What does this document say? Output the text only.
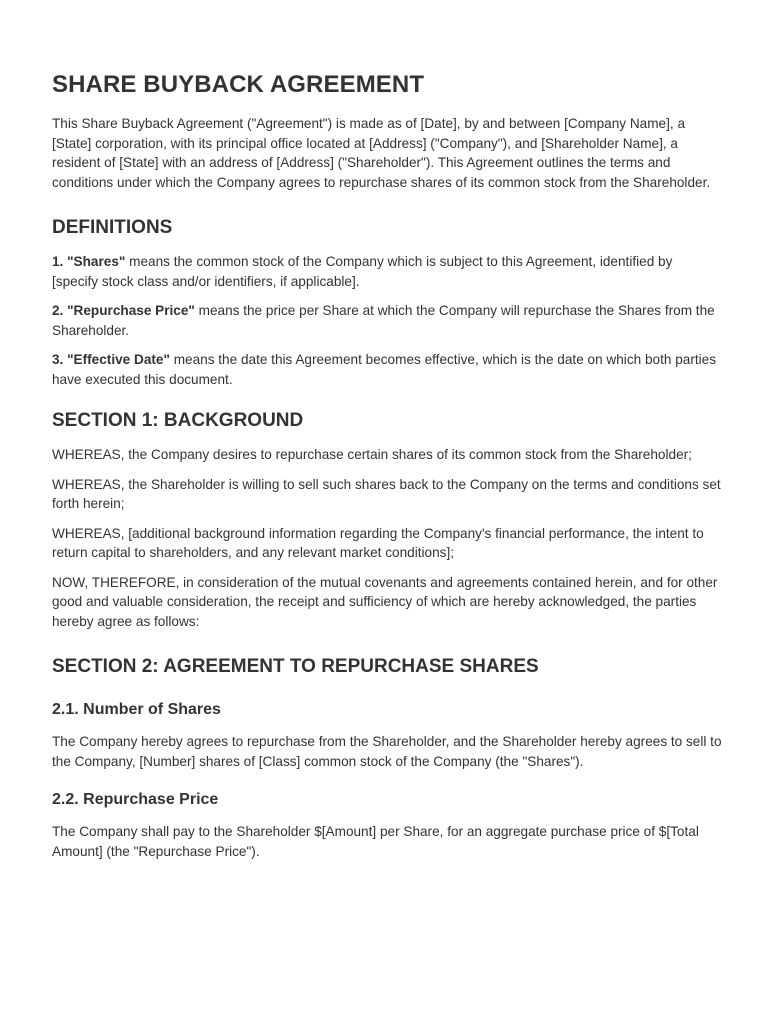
SHARE BUYBACK AGREEMENT

This Share Buyback Agreement ("Agreement") is made as of [Date], by and between [Company Name], a [State] corporation, with its principal office located at [Address] ("Company"), and [Shareholder Name], a resident of [State] with an address of [Address] ("Shareholder"). This Agreement outlines the terms and conditions under which the Company agrees to repurchase shares of its common stock from the Shareholder.

DEFINITIONS

1. "Shares" means the common stock of the Company which is subject to this Agreement, identified by [specify stock class and/or identifiers, if applicable].

2. "Repurchase Price" means the price per Share at which the Company will repurchase the Shares from the Shareholder.

3. "Effective Date" means the date this Agreement becomes effective, which is the date on which both parties have executed this document.

SECTION 1: BACKGROUND

WHEREAS, the Company desires to repurchase certain shares of its common stock from the Shareholder;

WHEREAS, the Shareholder is willing to sell such shares back to the Company on the terms and conditions set forth herein;

WHEREAS, [additional background information regarding the Company's financial performance, the intent to return capital to shareholders, and any relevant market conditions];

NOW, THEREFORE, in consideration of the mutual covenants and agreements contained herein, and for other good and valuable consideration, the receipt and sufficiency of which are hereby acknowledged, the parties hereby agree as follows:

SECTION 2: AGREEMENT TO REPURCHASE SHARES
2.1. Number of Shares

The Company hereby agrees to repurchase from the Shareholder, and the Shareholder hereby agrees to sell to the Company, [Number] shares of [Class] common stock of the Company (the "Shares").

2.2. Repurchase Price

The Company shall pay to the Shareholder $[Amount] per Share, for an aggregate purchase price of $[Total Amount] (the "Repurchase Price").
